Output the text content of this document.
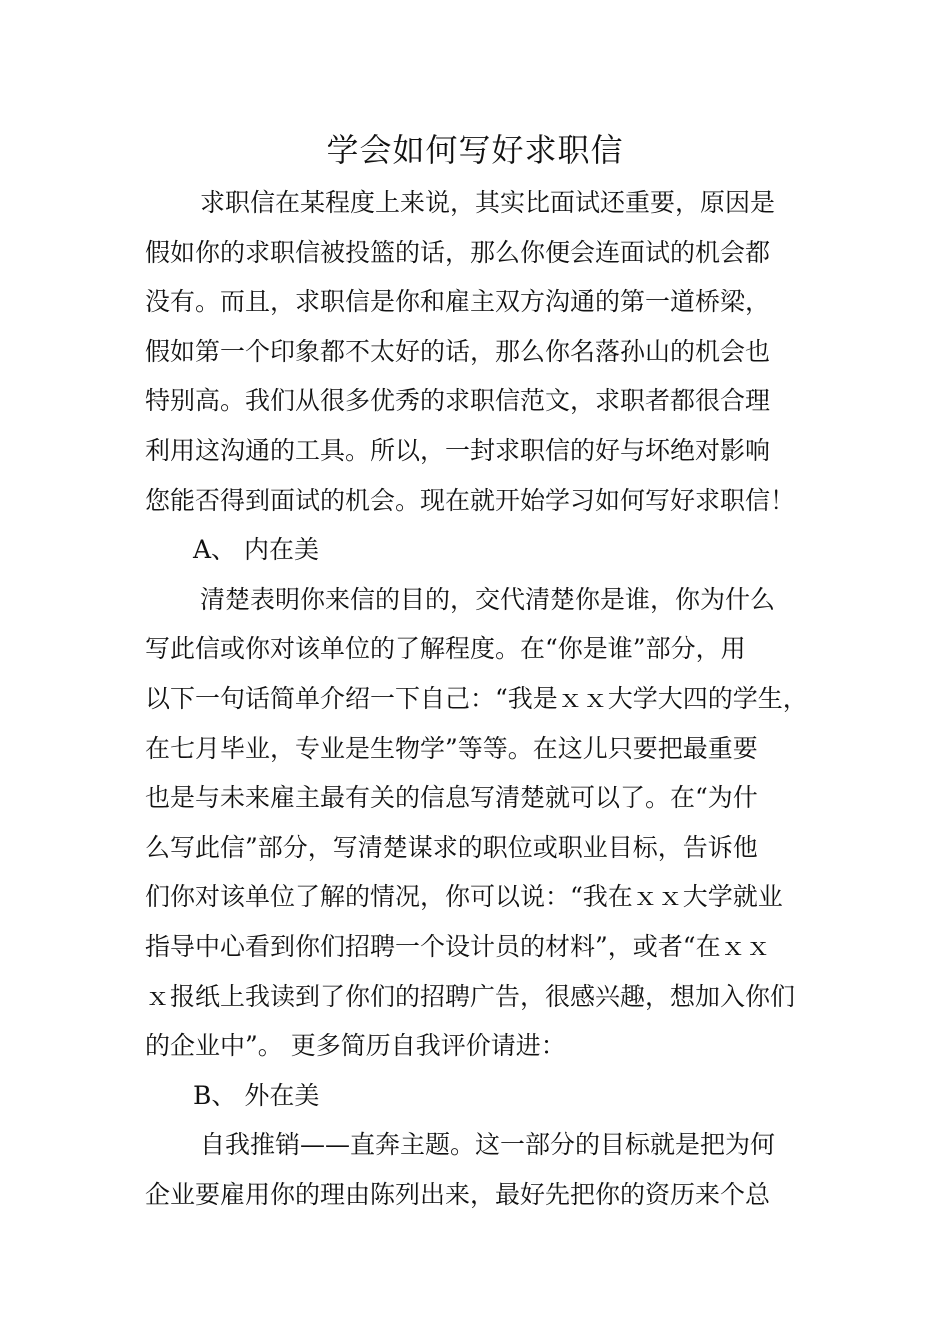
学会如何写好求职信
求职信在某程度上来说，其实比面试还重要，原因是
假如你的求职信被投篮的话，那么你便会连面试的机会都
没有。而且，求职信是你和雇主双方沟通的第一道桥梁，
假如第一个印象都不太好的话，那么你名落孙山的机会也
特别高。我们从很多优秀的求职信范文，求职者都很合理
利用这沟通的工具。所以，一封求职信的好与坏绝对影响
您能否得到面试的机会。现在就开始学习如何写好求职信！
A、 内在美
清楚表明你来信的目的，交代清楚你是谁，你为什么
写此信或你对该单位的了解程度。在“你是谁”部分，用
以下一句话简单介绍一下自己：“我是ｘｘ大学大四的学生，
在七月毕业，专业是生物学”等等。在这儿只要把最重要
也是与未来雇主最有关的信息写清楚就可以了。在“为什
么写此信”部分，写清楚谋求的职位或职业目标，告诉他
们你对该单位了解的情况，你可以说：“我在ｘｘ大学就业
指导中心看到你们招聘一个设计员的材料”，或者“在ｘｘ
ｘ报纸上我读到了你们的招聘广告，很感兴趣，想加入你们
的企业中”。 更多简历自我评价请进：
B、 外在美
自我推销——直奔主题。这一部分的目标就是把为何
企业要雇用你的理由陈列出来，最好先把你的资历来个总
